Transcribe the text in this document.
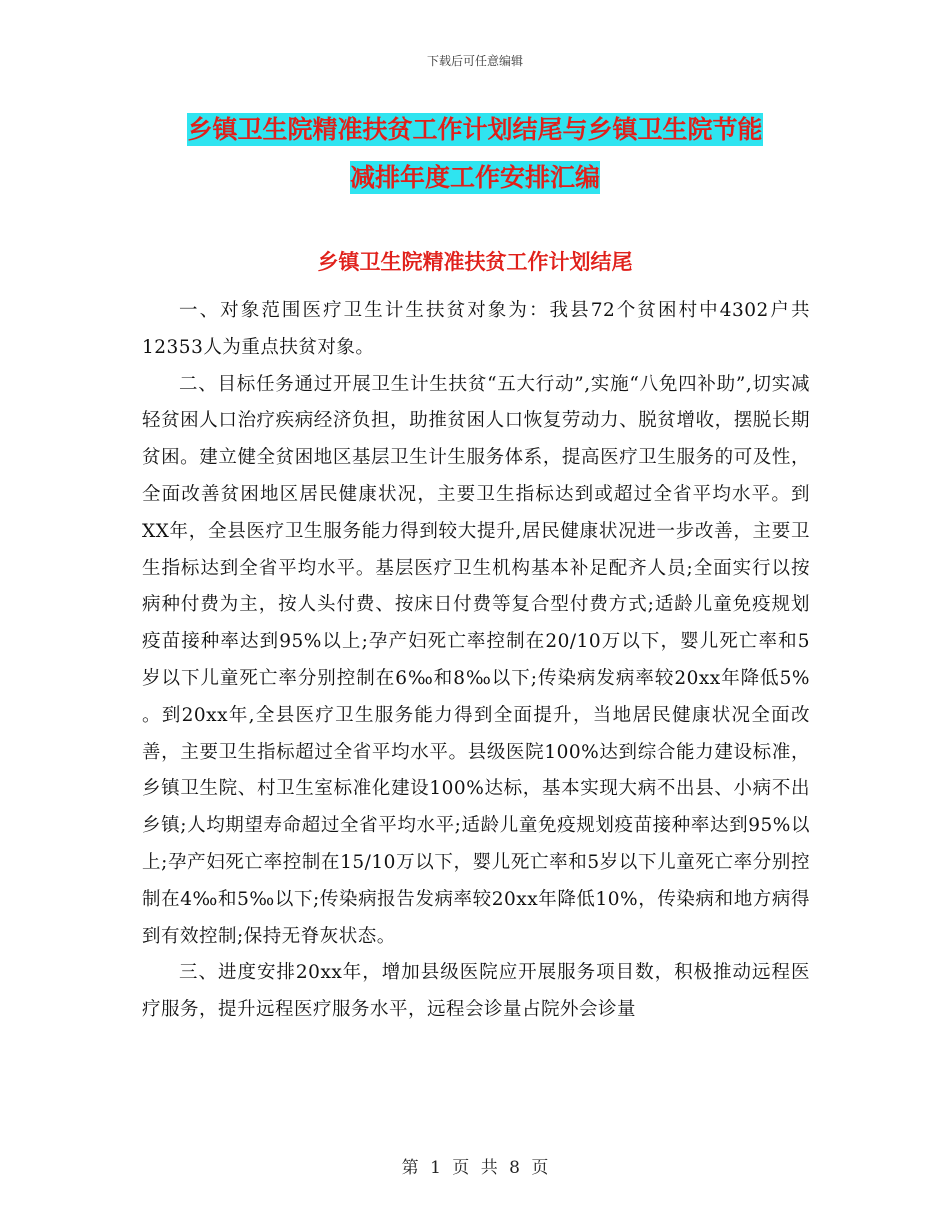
下载后可任意编辑
乡镇卫生院精准扶贫工作计划结尾与乡镇卫生院节能
减排年度工作安排汇编
乡镇卫生院精准扶贫工作计划结尾

一、对象范围医疗卫生计生扶贫对象为：我县72个贫困村中4302户共12353人为重点扶贫对象。

二、目标任务通过开展卫生计生扶贫“五大行动”,实施“八免四补助”,切实减轻贫困人口治疗疾病经济负担，助推贫困人口恢复劳动力、脱贫增收，摆脱长期贫困。建立健全贫困地区基层卫生计生服务体系，提高医疗卫生服务的可及性，全面改善贫困地区居民健康状况，主要卫生指标达到或超过全省平均水平。到XX年，全县医疗卫生服务能力得到较大提升,居民健康状况进一步改善，主要卫生指标达到全省平均水平。基层医疗卫生机构基本补足配齐人员;全面实行以按病种付费为主，按人头付费、按床日付费等复合型付费方式;适龄儿童免疫规划疫苗接种率达到95%以上;孕产妇死亡率控制在20/10万以下，婴儿死亡率和5岁以下儿童死亡率分别控制在6‰和8‰以下;传染病发病率较20xx年降低5% 。到20xx年,全县医疗卫生服务能力得到全面提升，当地居民健康状况全面改善，主要卫生指标超过全省平均水平。县级医院100%达到综合能力建设标准，乡镇卫生院、村卫生室标准化建设100%达标，基本实现大病不出县、小病不出乡镇;人均期望寿命超过全省平均水平;适龄儿童免疫规划疫苗接种率达到95%以上;孕产妇死亡率控制在15/10万以下，婴儿死亡率和5岁以下儿童死亡率分别控制在4‰和5‰以下;传染病报告发病率较20xx年降低10%，传染病和地方病得到有效控制;保持无脊灰状态。

三、进度安排20xx年，增加县级医院应开展服务项目数，积极推动远程医疗服务，提升远程医疗服务水平，远程会诊量占院外会诊量

第 1 页 共 8 页
